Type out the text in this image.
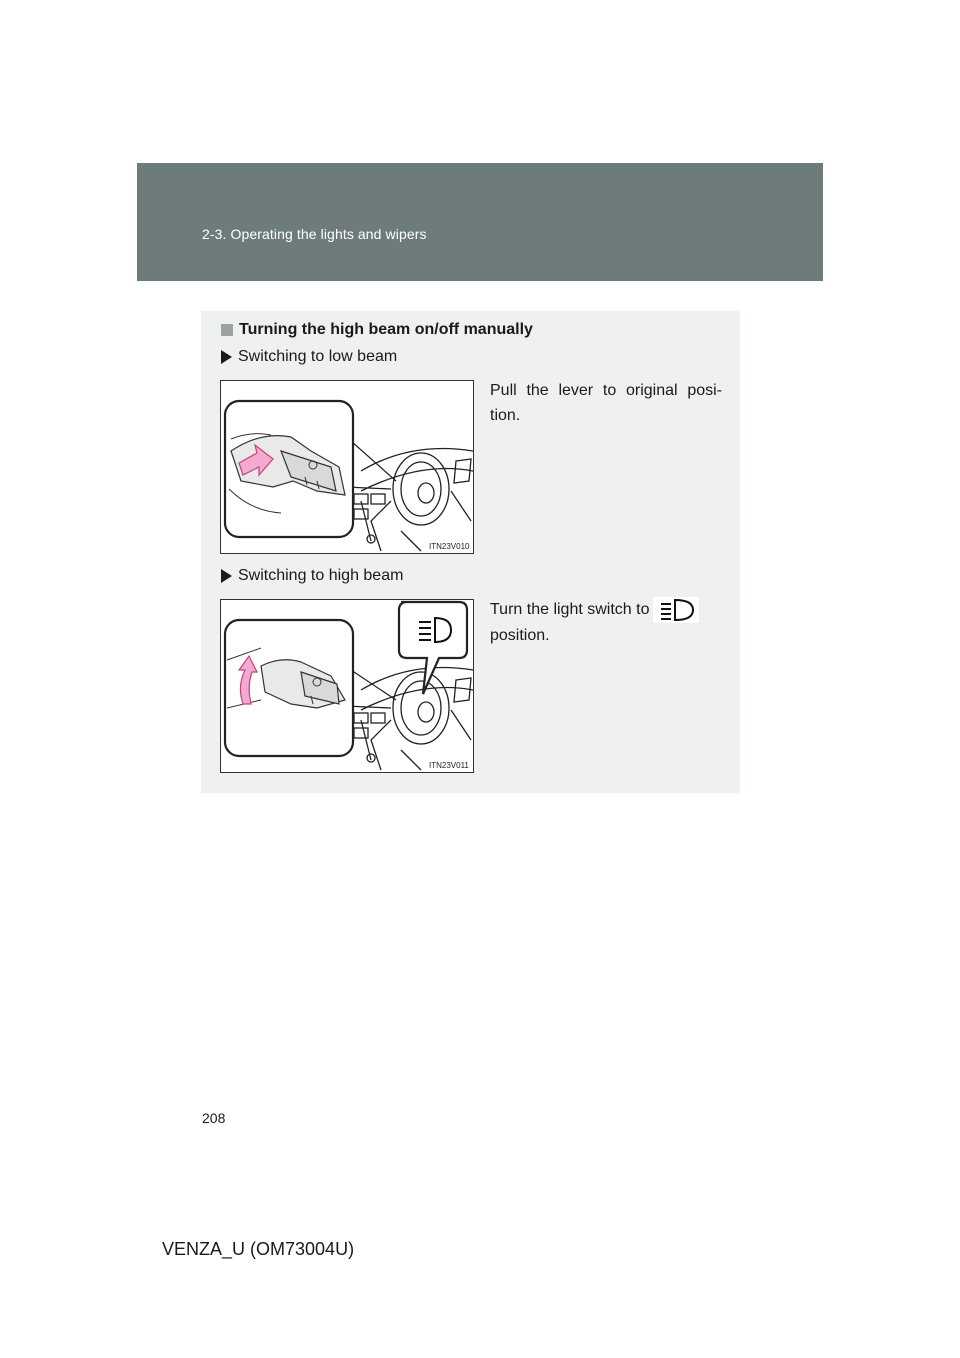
2-3. Operating the lights and wipers
Turning the high beam on/off manually
Switching to low beam
ITN23V010
Pull the lever to original posi-tion.
Switching to high beam
ITN23V011
Turn the light switch to
position.
208
VENZA_U (OM73004U)
